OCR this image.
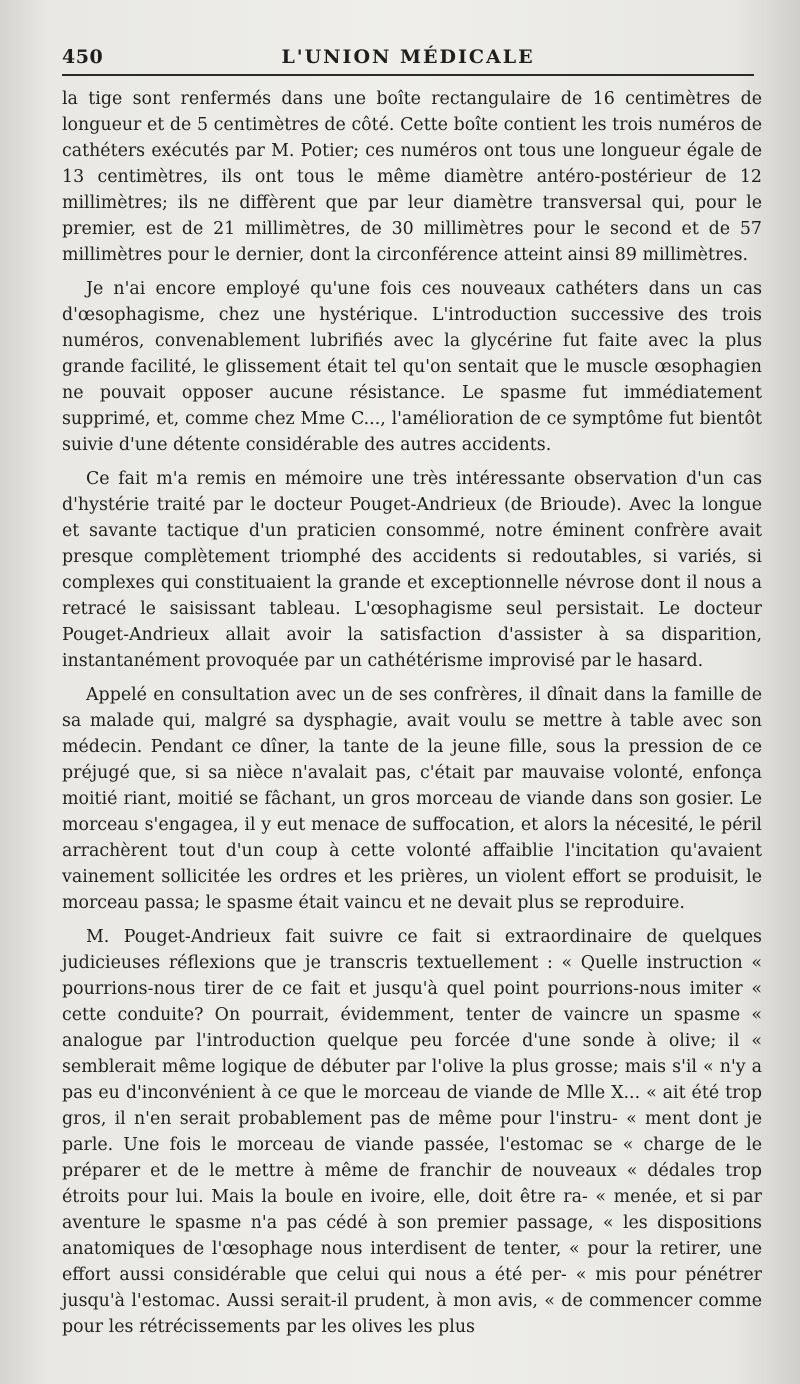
450	L'UNION MÉDICALE

la tige sont renfermés dans une boîte rectangulaire de 16 centimètres de longueur et de 5 centimètres de côté. Cette boîte contient les trois numéros de cathéters exécutés par M. Potier; ces numéros ont tous une longueur égale de 13 centimètres, ils ont tous le même diamètre antéro-postérieur de 12 millimètres; ils ne diffèrent que par leur diamètre transversal qui, pour le premier, est de 21 millimètres, de 30 millimètres pour le second et de 57 millimètres pour le dernier, dont la circonférence atteint ainsi 89 millimètres.

Je n'ai encore employé qu'une fois ces nouveaux cathéters dans un cas d'œsophagisme, chez une hystérique. L'introduction successive des trois numéros, convenablement lubrifiés avec la glycérine fut faite avec la plus grande facilité, le glissement était tel qu'on sentait que le muscle œsophagien ne pouvait opposer aucune résistance. Le spasme fut immédiatement supprimé, et, comme chez Mme C..., l'amélioration de ce symptôme fut bientôt suivie d'une détente considérable des autres accidents.

Ce fait m'a remis en mémoire une très intéressante observation d'un cas d'hystérie traité par le docteur Pouget-Andrieux (de Brioude). Avec la longue et savante tactique d'un praticien consommé, notre éminent confrère avait presque complètement triomphé des accidents si redoutables, si variés, si complexes qui constituaient la grande et exceptionnelle névrose dont il nous a retracé le saisissant tableau. L'œsophagisme seul persistait. Le docteur Pouget-Andrieux allait avoir la satisfaction d'assister à sa disparition, instantanément provoquée par un cathétérisme improvisé par le hasard.

Appelé en consultation avec un de ses confrères, il dînait dans la famille de sa malade qui, malgré sa dysphagie, avait voulu se mettre à table avec son médecin. Pendant ce dîner, la tante de la jeune fille, sous la pression de ce préjugé que, si sa nièce n'avalait pas, c'était par mauvaise volonté, enfonça moitié riant, moitié se fâchant, un gros morceau de viande dans son gosier. Le morceau s'engagea, il y eut menace de suffocation, et alors la nécesité, le péril arrachèrent tout d'un coup à cette volonté affaiblie l'incitation qu'avaient vainement sollicitée les ordres et les prières, un violent effort se produisit, le morceau passa; le spasme était vaincu et ne devait plus se reproduire.

M. Pouget-Andrieux fait suivre ce fait si extraordinaire de quelques judicieuses réflexions que je transcris textuellement : « Quelle instruction « pourrions-nous tirer de ce fait et jusqu'à quel point pourrions-nous imiter « cette conduite? On pourrait, évidemment, tenter de vaincre un spasme « analogue par l'introduction quelque peu forcée d'une sonde à olive; il « semblerait même logique de débuter par l'olive la plus grosse; mais s'il « n'y a pas eu d'inconvénient à ce que le morceau de viande de Mlle X... « ait été trop gros, il n'en serait probablement pas de même pour l'instru- « ment dont je parle. Une fois le morceau de viande passée, l'estomac se « charge de le préparer et de le mettre à même de franchir de nouveaux « dédales trop étroits pour lui. Mais la boule en ivoire, elle, doit être ra- « menée, et si par aventure le spasme n'a pas cédé à son premier passage, « les dispositions anatomiques de l'œsophage nous interdisent de tenter, « pour la retirer, une effort aussi considérable que celui qui nous a été per- « mis pour pénétrer jusqu'à l'estomac. Aussi serait-il prudent, à mon avis, « de commencer comme pour les rétrécissements par les olives les plus
